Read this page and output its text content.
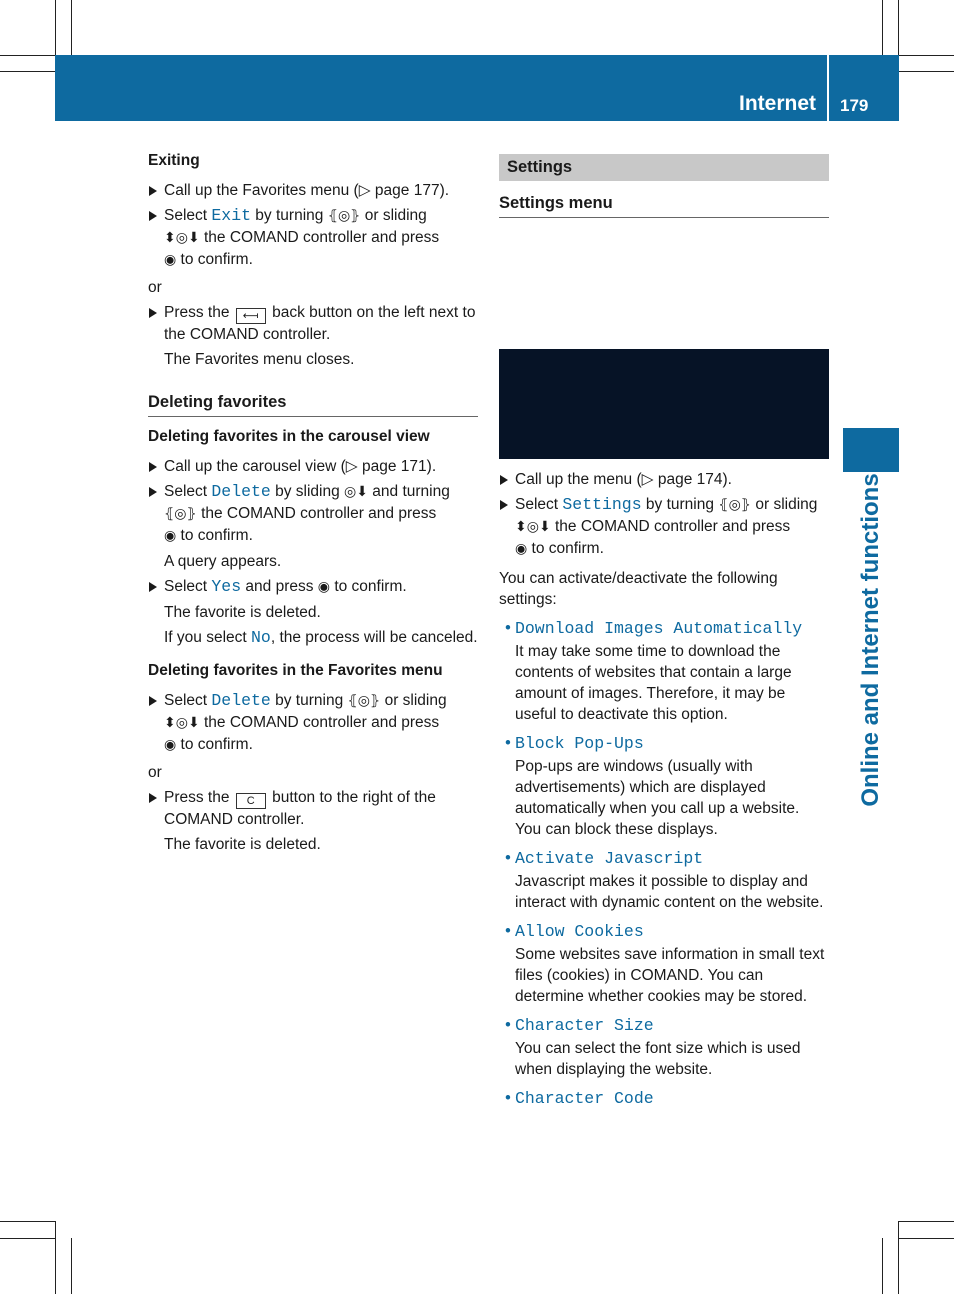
Internet 179
Online and Internet functions

Exiting

Call up the Favorites menu (▷ page 177).

Select Exit by turning ⦃◎⦄ or sliding
⬍◎⬇ the COMAND controller and press
◉ to confirm.

or

Press the ⟻ back button on the left next to the COMAND controller.

The Favorites menu closes.

Deleting favorites

Deleting favorites in the carousel view

Call up the carousel view (▷ page 171).

Select Delete by sliding ◎⬇ and turning
⦃◎⦄ the COMAND controller and press
◉ to confirm.

A query appears.

Select Yes and press ◉ to confirm.

The favorite is deleted.

If you select No, the process will be canceled.

Deleting favorites in the Favorites menu

Select Delete by turning ⦃◎⦄ or sliding
⬍◎⬇ the COMAND controller and press
◉ to confirm.

or

Press the C button to the right of the COMAND controller.

The favorite is deleted.

Settings

Settings menu

Call up the menu (▷ page 174).

Select Settings by turning ⦃◎⦄ or sliding
⬍◎⬇ the COMAND controller and press
◉ to confirm.

You can activate/deactivate the following settings:

• Download Images Automatically

It may take some time to download the contents of websites that contain a large amount of images. Therefore, it may be useful to deactivate this option.

• Block Pop-Ups

Pop-ups are windows (usually with advertisements) which are displayed automatically when you call up a website. You can block these displays.

• Activate Javascript

Javascript makes it possible to display and interact with dynamic content on the website.

• Allow Cookies

Some websites save information in small text files (cookies) in COMAND. You can determine whether cookies may be stored.

• Character Size

You can select the font size which is used when displaying the website.

• Character Code
